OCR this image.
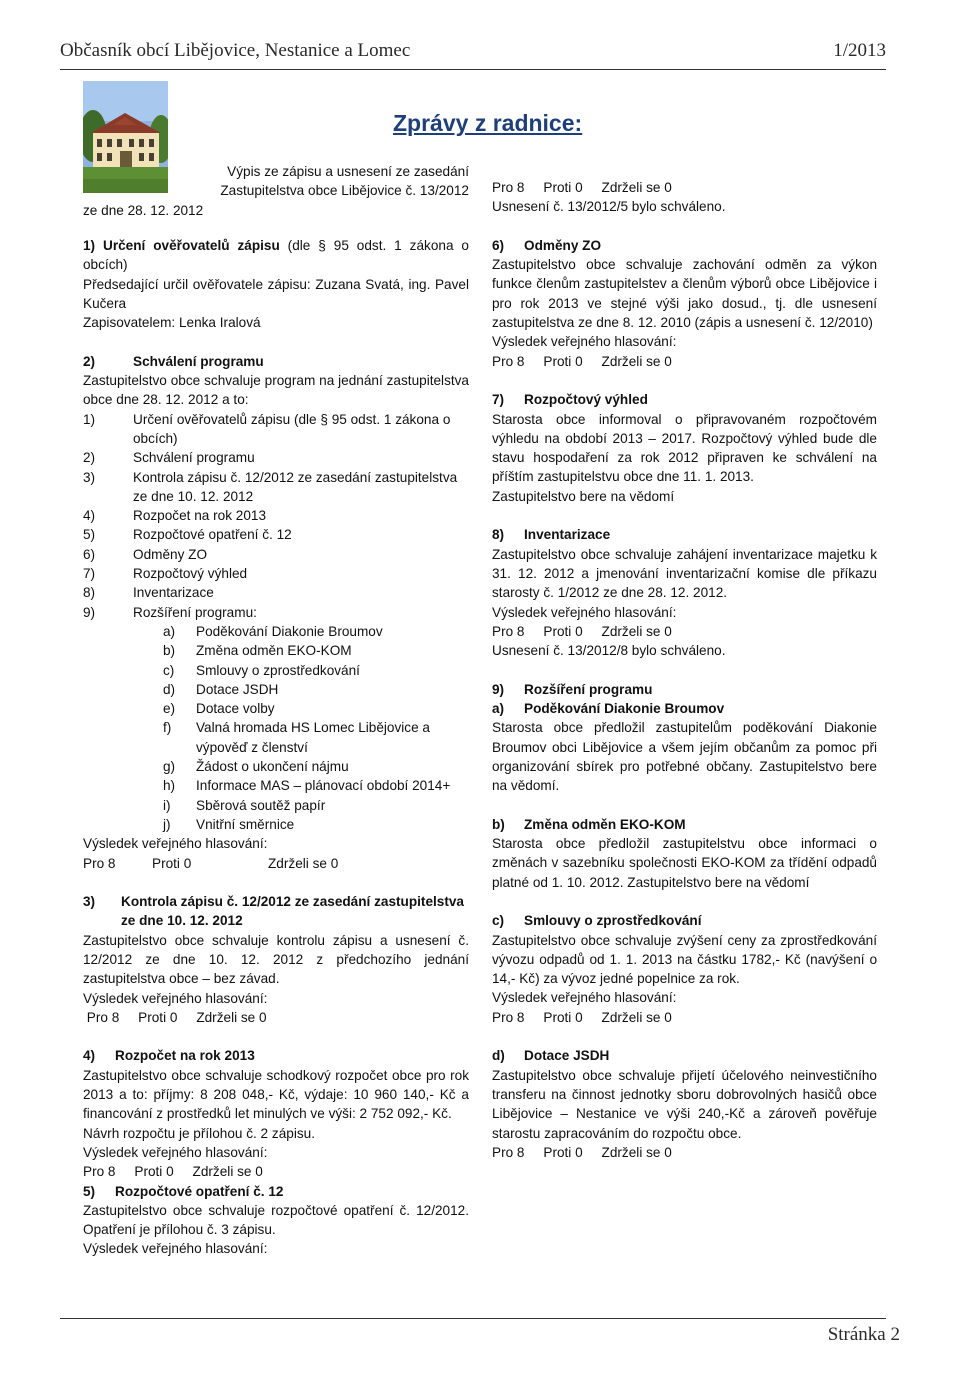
Občasník obcí Libějovice, Nestanice a Lomec	1/2013
Zprávy z radnice:
Výpis ze zápisu a usnesení ze zasedání
Zastupitelstva obce Libějovice č. 13/2012
ze dne 28. 12. 2012

1) Určení ověřovatelů zápisu (dle § 95 odst. 1 zákona o obcích)

Předsedající určil ověřovatele zápisu: Zuzana Svatá, ing. Pavel Kučera

Zapisovatelem: Lenka Iralová

2)	Schválení programu

Zastupitelstvo obce schvaluje program na jednání zastupitelstva obce dne 28. 12. 2012 a to:

1)	Určení ověřovatelů zápisu (dle § 95 odst. 1 zákona o obcích)
2)	Schválení programu
3)	Kontrola zápisu č. 12/2012 ze zasedání zastupitelstva ze dne 10. 12. 2012
4)	Rozpočet na rok 2013
5)	Rozpočtové opatření č. 12
6)	Odměny ZO
7)	Rozpočtový výhled
8)	Inventarizace
9)	Rozšíření programu:
a)	Poděkování Diakonie Broumov
b)	Změna odměn EKO-KOM
c)	Smlouvy o zprostředkování
d)	Dotace JSDH
e)	Dotace volby
f)	Valná hromada HS Lomec Libějovice a výpověď z členství
g)	Žádost o ukončení nájmu
h)	Informace MAS – plánovací období 2014+
i)	Sběrová soutěž papír
j)	Vnitřní směrnice

Výsledek veřejného hlasování:

Pro 8	Proti 0	Zdrželi se 0

3)	Kontrola zápisu č. 12/2012 ze zasedání zastupitelstva ze dne 10. 12. 2012

Zastupitelstvo obce schvaluje kontrolu zápisu a usnesení č. 12/2012 ze dne 10. 12. 2012 z předchozího jednání zastupitelstva obce – bez závad.

Výsledek veřejného hlasování:

Pro 8     Proti 0     Zdrželi se 0

4)	Rozpočet na rok 2013

Zastupitelstvo obce schvaluje schodkový rozpočet obce pro rok 2013 a to: příjmy: 8 208 048,- Kč, výdaje: 10 960 140,- Kč a financování z prostředků let minulých ve výši: 2 752 092,- Kč.

Návrh rozpočtu je přílohou č. 2 zápisu.

Výsledek veřejného hlasování:

Pro 8     Proti 0     Zdrželi se 0

5)	Rozpočtové opatření č. 12

Zastupitelstvo obce schvaluje rozpočtové opatření č. 12/2012. Opatření je přílohou č. 3 zápisu.

Výsledek veřejného hlasování:

Pro 8     Proti 0     Zdrželi se 0

Usnesení č. 13/2012/5 bylo schváleno.

6)	Odměny ZO

Zastupitelstvo obce schvaluje zachování odměn za výkon funkce členům zastupitelstev a členům výborů obce Libějovice i pro rok 2013 ve stejné výši jako dosud., tj. dle usnesení zastupitelstva ze dne 8. 12. 2010 (zápis a usnesení č. 12/2010)

Výsledek veřejného hlasování:

Pro 8     Proti 0     Zdrželi se 0

7)	Rozpočtový výhled

Starosta obce informoval o připravovaném rozpočtovém výhledu na období 2013 – 2017. Rozpočtový výhled bude dle stavu hospodaření za rok 2012 připraven ke schválení na příštím zastupitelstvu obce dne 11. 1. 2013.

Zastupitelstvo bere na vědomí

8)	Inventarizace

Zastupitelstvo obce schvaluje zahájení inventarizace majetku k 31. 12. 2012 a jmenování inventarizační komise dle příkazu starosty č. 1/2012 ze dne 28. 12. 2012.

Výsledek veřejného hlasování:

Pro 8     Proti 0     Zdrželi se 0

Usnesení č. 13/2012/8 bylo schváleno.

9)	Rozšíření programu
a)	Poděkování Diakonie Broumov

Starosta obce předložil zastupitelům poděkování Diakonie Broumov obci Libějovice a všem jejím občanům za pomoc při organizování sbírek pro potřebné občany. Zastupitelstvo bere na vědomí.

b)	Změna odměn EKO-KOM

Starosta obce předložil zastupitelstvu obce informaci o změnách v sazebníku společnosti EKO-KOM za třídění odpadů platné od 1. 10. 2012. Zastupitelstvo bere na vědomí

c)	Smlouvy o zprostředkování

Zastupitelstvo obce schvaluje zvýšení ceny za zprostředkování vývozu odpadů od 1. 1. 2013 na částku 1782,- Kč (navýšení o 14,- Kč) za vývoz jedné popelnice za rok.

Výsledek veřejného hlasování:

Pro 8     Proti 0     Zdrželi se 0

d)	Dotace JSDH

Zastupitelstvo obce schvaluje přijetí účelového neinvestičního transferu na činnost jednotky sboru dobrovolných hasičů obce Libějovice – Nestanice ve výši 240,-Kč a zároveň pověřuje starostu zapracováním do rozpočtu obce.

Pro 8     Proti 0     Zdrželi se 0

Stránka 2
